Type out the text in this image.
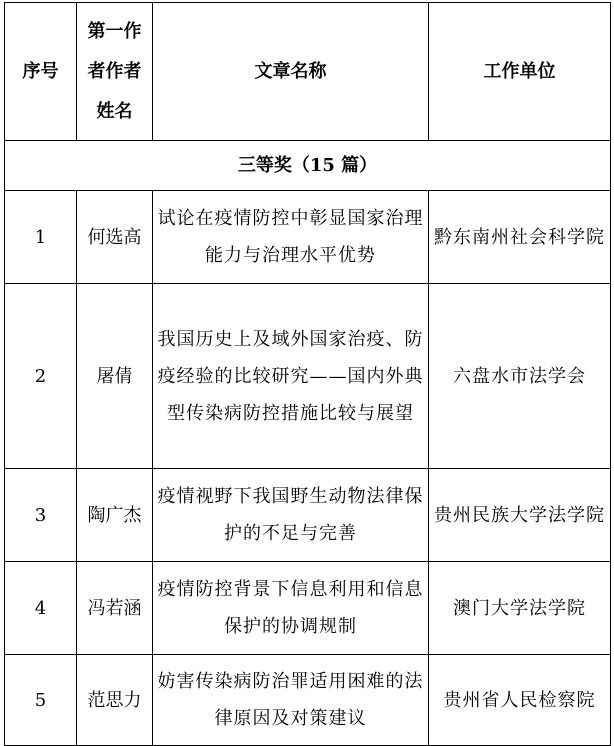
三等奖（15 篇）			
序号	第一作者作者姓名	文章名称	工作单位
1	何选高	试论在疫情防控中彰显国家治理能力与治理水平优势	黔东南州社会科学院

2	屠倩	我国历史上及域外国家治疫、防疫经验的比较研究——国内外典型传染病防控措施比较与展望	六盘水市法学会

3	陶广杰	疫情视野下我国野生动物法律保护的不足与完善	贵州民族大学法学院

4	冯若涵	疫情防控背景下信息利用和信息保护的协调规制	澳门大学法学院

5	范思力	妨害传染病防治罪适用困难的法律原因及对策建议	贵州省人民检察院
